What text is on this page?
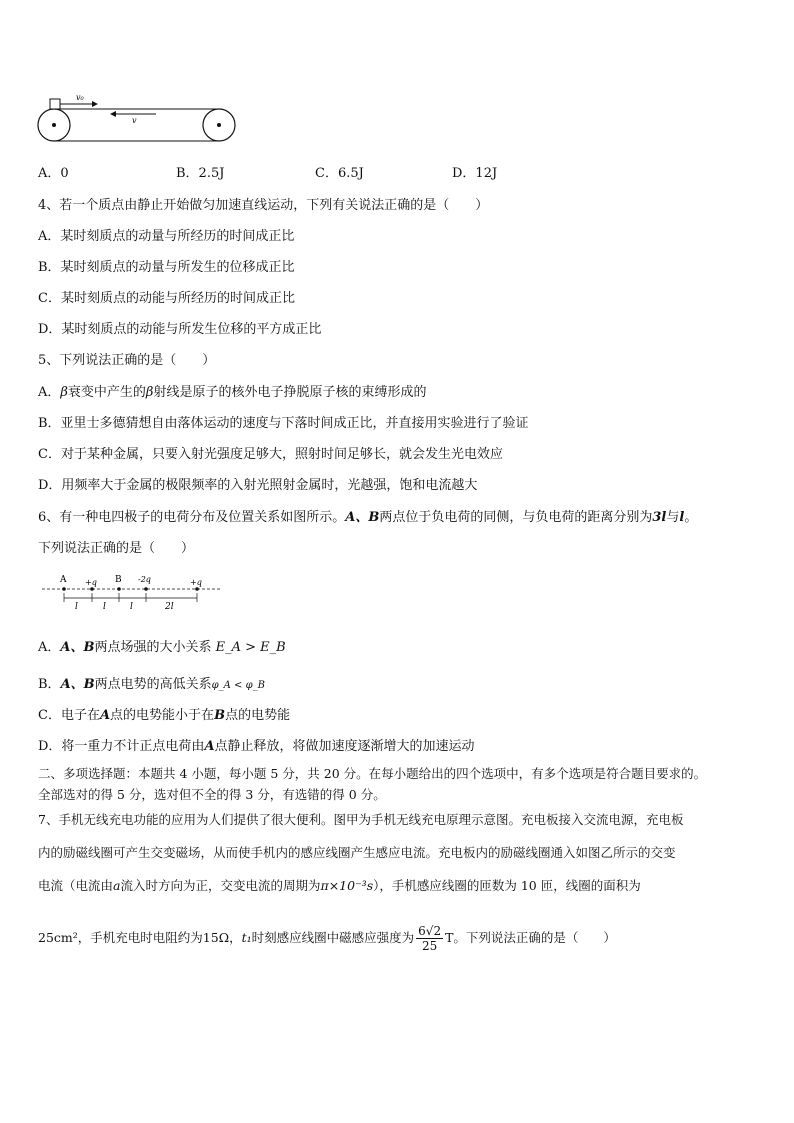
v₀
v
A．0	B．2.5J	C．6.5J	D．12J
4、若一个质点由静止开始做匀加速直线运动，下列有关说法正确的是（　　）
A．某时刻质点的动量与所经历的时间成正比
B．某时刻质点的动量与所发生的位移成正比
C．某时刻质点的动能与所经历的时间成正比
D．某时刻质点的动能与所发生位移的平方成正比
5、下列说法正确的是（　　）
A．β衰变中产生的β射线是原子的核外电子挣脱原子核的束缚形成的
B．亚里士多德猜想自由落体运动的速度与下落时间成正比，并直接用实验进行了验证
C．对于某种金属，只要入射光强度足够大，照射时间足够长，就会发生光电效应
D．用频率大于金属的极限频率的入射光照射金属时，光越强，饱和电流越大
6、有一种电四极子的电荷分布及位置关系如图所示。A、B两点位于负电荷的同侧，与负电荷的距离分别为3l与l。
下列说法正确的是（　　）
A +q B -2q	+q
l	l	l	2l
A．A、B两点场强的大小关系 E_A > E_B
B．A、B两点电势的高低关系φ_A < φ_B
C．电子在A点的电势能小于在B点的电势能
D．将一重力不计正点电荷由A点静止释放，将做加速度逐渐增大的加速运动
二、多项选择题：本题共 4 小题，每小题 5 分，共 20 分。在每小题给出的四个选项中，有多个选项是符合题目要求的。
全部选对的得 5 分，选对但不全的得 3 分，有选错的得 0 分。
7、手机无线充电功能的应用为人们提供了很大便利。图甲为手机无线充电原理示意图。充电板接入交流电源，充电板
内的励磁线圈可产生交变磁场，从而使手机内的感应线圈产生感应电流。充电板内的励磁线圈通入如图乙所示的交变
电流（电流由a流入时方向为正，交变电流的周期为π×10⁻³s），手机感应线圈的匝数为 10 匝，线圈的面积为
25cm²，手机充电时电阻约为15Ω，t₁时刻感应线圈中磁感应强度为 $\frac{6√2}{25}$ T。下列说法正确的是（　　）
